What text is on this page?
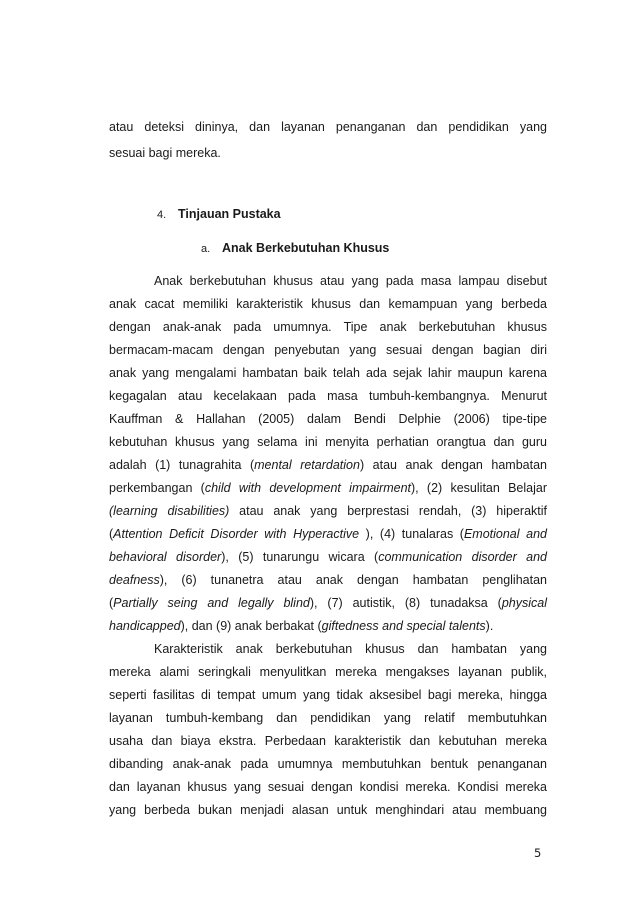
atau deteksi dininya, dan layanan penanganan dan pendidikan yang
sesuai bagi mereka.
4. Tinjauan Pustaka
a. Anak Berkebutuhan Khusus
Anak berkebutuhan khusus atau yang pada masa lampau disebut
anak cacat memiliki karakteristik khusus dan kemampuan yang berbeda
dengan anak-anak pada umumnya. Tipe anak berkebutuhan khusus
bermacam-macam dengan penyebutan yang sesuai dengan bagian diri
anak yang mengalami hambatan baik telah ada sejak lahir maupun karena
kegagalan atau kecelakaan pada masa tumbuh-kembangnya. Menurut
Kauffman & Hallahan (2005) dalam Bendi Delphie (2006) tipe-tipe
kebutuhan khusus yang selama ini menyita perhatian orangtua dan guru
adalah (1) tunagrahita (mental retardation) atau anak dengan hambatan
perkembangan (child with development impairment), (2) kesulitan Belajar
(learning disabilities) atau anak yang berprestasi rendah, (3) hiperaktif
(Attention Deficit Disorder with Hyperactive ), (4) tunalaras (Emotional and
behavioral disorder), (5) tunarungu wicara (communication disorder and
deafness), (6) tunanetra atau anak dengan hambatan penglihatan
(Partially seing and legally blind), (7) autistik, (8) tunadaksa (physical
handicapped), dan (9) anak berbakat (giftedness and special talents).
Karakteristik anak berkebutuhan khusus dan hambatan yang
mereka alami seringkali menyulitkan mereka mengakses layanan publik,
seperti fasilitas di tempat umum yang tidak aksesibel bagi mereka, hingga
layanan tumbuh-kembang dan pendidikan yang relatif membutuhkan
usaha dan biaya ekstra. Perbedaan karakteristik dan kebutuhan mereka
dibanding anak-anak pada umumnya membutuhkan bentuk penanganan
dan layanan khusus yang sesuai dengan kondisi mereka. Kondisi mereka
yang berbeda bukan menjadi alasan untuk menghindari atau membuang
5
